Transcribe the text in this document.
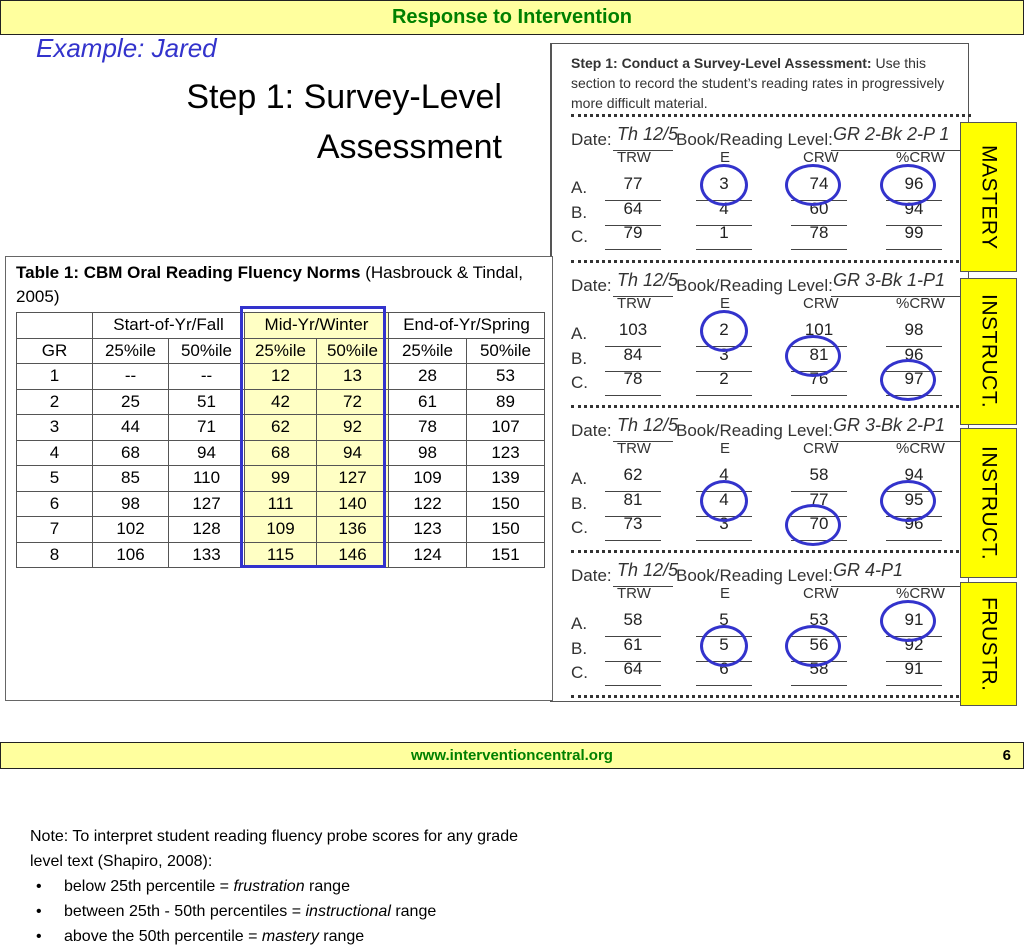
Response to Intervention
Example: Jared
Step 1: Survey-Level
Assessment
Step 1: Conduct a Survey-Level Assessment: Use this section to record the student’s reading rates in progressively more difficult material.
Date: Th 12/5
Book/Reading Level: GR 2-Bk 2-P 1
TRW	E	CRW	%CRW
A.	77	3	74	96
B.	64	4	60	94
C.	79	1	78	99
Date: Th 12/5
Book/Reading Level: GR 3-Bk 1-P1
TRW	E	CRW	%CRW
A.	103	2	101	98
B.	84	3	81	96
C.	78	2	76	97
Date: Th 12/5
Book/Reading Level: GR 3-Bk 2-P1
TRW	E	CRW	%CRW
A.	62	4	58	94
B.	81	4	77	95
C.	73	3	70	96
Date: Th 12/5
Book/Reading Level: GR 4-P1
TRW	E	CRW	%CRW
A.	58	5	53	91
B.	61	5	56	92
C.	64	6	58	91
MASTERY
INSTRUCT.
INSTRUCT.
FRUSTR.
Table 1: CBM Oral Reading Fluency Norms (Hasbrouck & Tindal, 2005)
	Start-of-Yr/Fall		Mid-Yr/Winter		End-of-Yr/Spring	
GR	25%ile	50%ile	25%ile	50%ile	25%ile	50%ile
1	--	--	12	13	28	53
2	25	51	42	72	61	89
3	44	71	62	92	78	107
4	68	94	68	94	98	123
5	85	110	99	127	109	139
6	98	127	111	140	122	150
7	102	128	109	136	123	150
8	106	133	115	146	124	151
Note: To interpret student reading fluency probe scores for any grade level text (Shapiro, 2008):
• below 25th percentile = frustration range
• between 25th - 50th percentiles = instructional range
• above the 50th percentile = mastery range
www.interventioncentral.org	6
